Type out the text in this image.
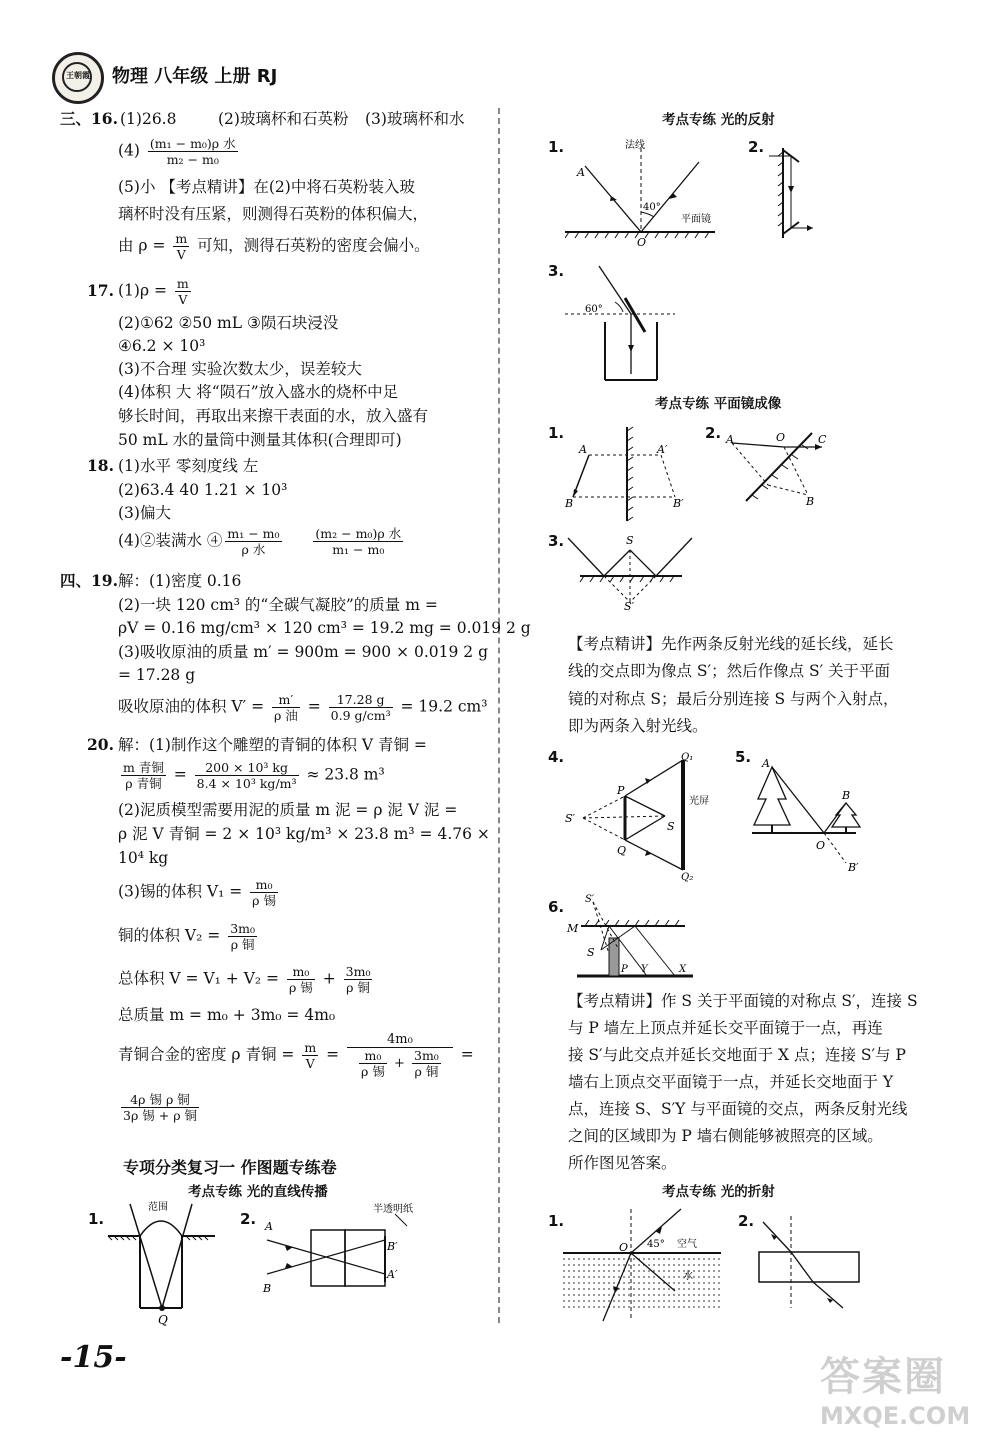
王朝霞	物理 八年级 上册 RJ
三、16. (1)26.8	(2)玻璃杯和石英粉 (3)玻璃杯和水
$(4) \frac{\text{(m₁ − m₀)ρ 水}}{\text{m₂ − m₀}}$
(5)小 【考点精讲】在(2)中将石英粉装入玻
璃杯时没有压紧，则测得石英粉的体积偏大，
由 $\rho = \frac{m}{V}$ 可知，测得石英粉的密度会偏小。
17. $(1)\rho = \frac{m}{V}$
(2)①62 ②50 mL ③陨石块浸没
④6.2 × 10³
(3)不合理 实验次数太少，误差较大
(4)体积 大 将“陨石”放入盛水的烧杯中足
够长时间，再取出来擦干表面的水，放入盛有
50 mL 水的量筒中测量其体积(合理即可)
18. (1)水平 零刻度线 左
(2)63.4 40 1.21 × 10³
(3)偏大
(4)②装满水 ④ $\frac{\text{m₁ − m₀}}{\text{ρ 水}}$
	$\frac{\text{(m₂ − m₀)ρ 水}}{\text{m₁ − m₀}}$
四、19. 解：(1)密度 0.16
(2)一块 120 cm³ 的“全碳气凝胶”的质量 m =
ρV = 0.16 mg/cm³ × 120 cm³ = 19.2 mg = 0.019 2 g
(3)吸收原油的质量 m′ = 900m = 900 × 0.019 2 g
= 17.28 g
吸收原油的体积 $V' = \frac{m'}{\text{ρ 油}} = \frac{17.28 g}{\text{0.9 g/cm³}} = 19.2$ cm³
20. 解：(1)制作这个雕塑的青铜的体积 V 青铜 =
$\frac{\text{m 青铜}}{\text{ρ 青铜}} = \frac{\text{200 × 10³ kg}}{\text{8.4 × 10³ kg/m³}} \approx 23.8$ m³
(2)泥质模型需要用泥的质量 m 泥 = ρ 泥 V 泥 =
ρ 泥 V 青铜 = 2 × 10³ kg/m³ × 23.8 m³ = 4.76 ×
10⁴ kg
(3)锡的体积 $V_1 = \frac{\text{m₀}}{\text{ρ 锡}}$
铜的体积 $V_2 = \frac{\text{3m₀}}{\text{ρ 铜}}$
总体积 $V = V_1 + V_2 = \frac{\text{m₀}}{\text{ρ 锡}} + \frac{\text{3m₀}}{\text{ρ 铜}}$
总质量 m = m₀ + 3m₀ = 4m₀
青铜合金的密度 ρ 青铜 = $\frac{m}{V} = \frac{\text{4m₀}}{\frac{\text{m₀}}{\text{ρ 锡}} + \frac{\text{3m₀}}{\text{ρ 铜}}}$ =
$\frac{\text{4ρ 锡 ρ 铜}}{\text{3ρ 锡 + ρ 铜}}$
专项分类复习一 作图题专练卷
考点专练 光的直线传播
1.	2.
范围
Q
A
B
B′
A′
半透明纸
-15-
考点专练 光的反射
1.	2.
3.
法线
A
40°
平面镜
O
60°
考点专练 平面镜成像
1.	2.
A	A′
B	B′
A	O	C
B
3.	S
S′
【考点精讲】先作两条反射光线的延长线，延长
线的交点即为像点 S′；然后作像点 S′ 关于平面
镜的对称点 S；最后分别连接 S 与两个入射点，
即为两条入射光线。
4.	5.
Q₁
P
S′
S
Q
Q₂
光屏
A
B
O
B′
6. S′
M
S
P Y	X
【考点精讲】作 S 关于平面镜的对称点 S′，连接 S
与 P 墙左上顶点并延长交平面镜于一点，再连
接 S′与此交点并延长交地面于 X 点；连接 S′与 P
墙右上顶点交平面镜于一点，并延长交地面于 Y
点，连接 S、S′Y 与平面镜的交点，两条反射光线
之间的区域即为 P 墙右侧能够被照亮的区域。
所作图见答案。
考点专练 光的折射
1.	2.
O 45° 空气
水
答案圈
MXQE.COM
